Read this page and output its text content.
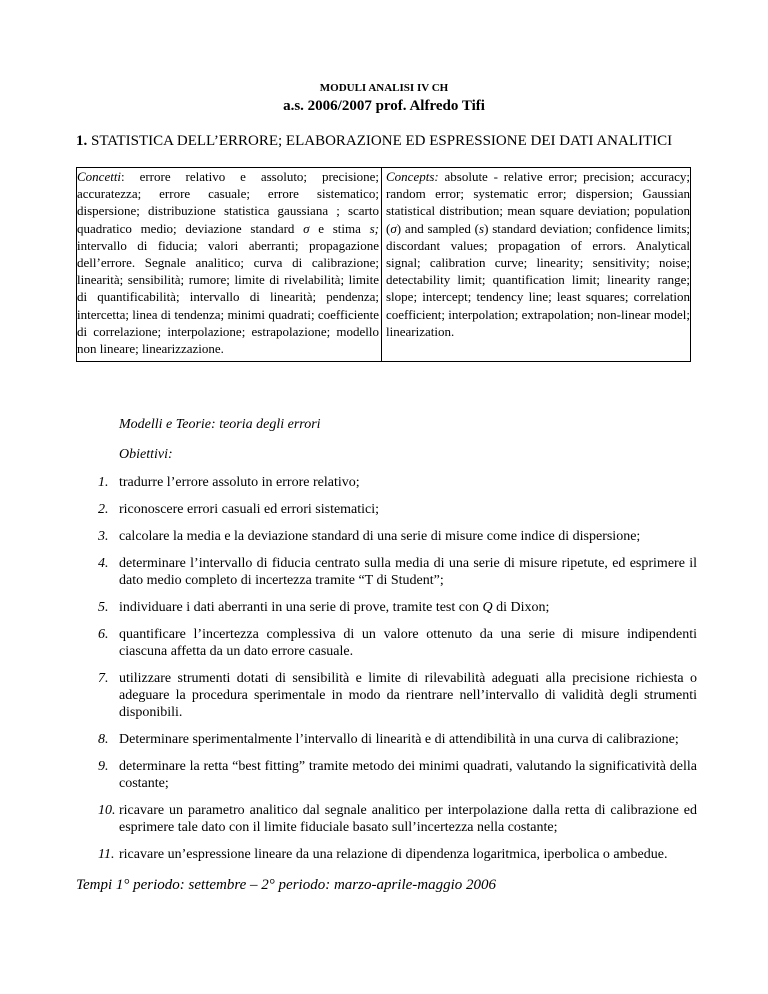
MODULI ANALISI IV CH
a.s. 2006/2007 prof. Alfredo Tifi
1. STATISTICA DELL’ERRORE; ELABORAZIONE ED ESPRESSIONE DEI DATI ANALITICI
Concetti: errore relativo e assoluto; precisione; accuratezza; errore casuale; errore sistematico; dispersione; distribuzione statistica gaussiana ; scarto quadratico medio; deviazione standard σ e stima s; intervallo di fiducia; valori aberranti; propagazione dell’errore. Segnale analitico; curva di calibrazione; linearità; sensibilità; rumore; limite di rivelabilità; limite di quantificabilità; intervallo di linearità; pendenza; intercetta; linea di tendenza; minimi quadrati; coefficiente di correlazione; interpolazione; estrapolazione; modello non lineare; linearizzazione.
Concepts: absolute - relative error; precision; accuracy; random error; systematic error; dispersion; Gaussian statistical distribution; mean square deviation; population (σ) and sampled (s) standard deviation; confidence limits; discordant values; propagation of errors. Analytical signal; calibration curve; linearity; sensitivity; noise; detectability limit; quantification limit; linearity range; slope; intercept; tendency line; least squares; correlation coefficient; interpolation; extrapolation; non-linear model; linearization.
Modelli e Teorie: teoria degli errori
Obiettivi:
1. tradurre l’errore assoluto in errore relativo;
2. riconoscere errori casuali ed errori sistematici;
3. calcolare la media e la deviazione standard di una serie di misure come indice di dispersione;
4. determinare l’intervallo di fiducia centrato sulla media di una serie di misure ripetute, ed esprimere il dato medio completo di incertezza tramite “T di Student”;
5. individuare i dati aberranti in una serie di prove, tramite test con Q di Dixon;
6. quantificare l’incertezza complessiva di un valore ottenuto da una serie di misure indipendenti ciascuna affetta da un dato errore casuale.
7. utilizzare strumenti dotati di sensibilità e limite di rilevabilità adeguati alla precisione richiesta o adeguare la procedura sperimentale in modo da rientrare nell’intervallo di validità degli strumenti disponibili.
8. Determinare sperimentalmente l’intervallo di linearità e di attendibilità in una curva di calibrazione;
9. determinare la retta “best fitting” tramite metodo dei minimi quadrati, valutando la significatività della costante;
10. ricavare un parametro analitico dal segnale analitico per interpolazione dalla retta di calibrazione ed esprimere tale dato con il limite fiduciale basato sull’incertezza nella costante;
11. ricavare un’espressione lineare da una relazione di dipendenza logaritmica, iperbolica o ambedue.
Tempi 1° periodo: settembre – 2° periodo: marzo-aprile-maggio 2006
